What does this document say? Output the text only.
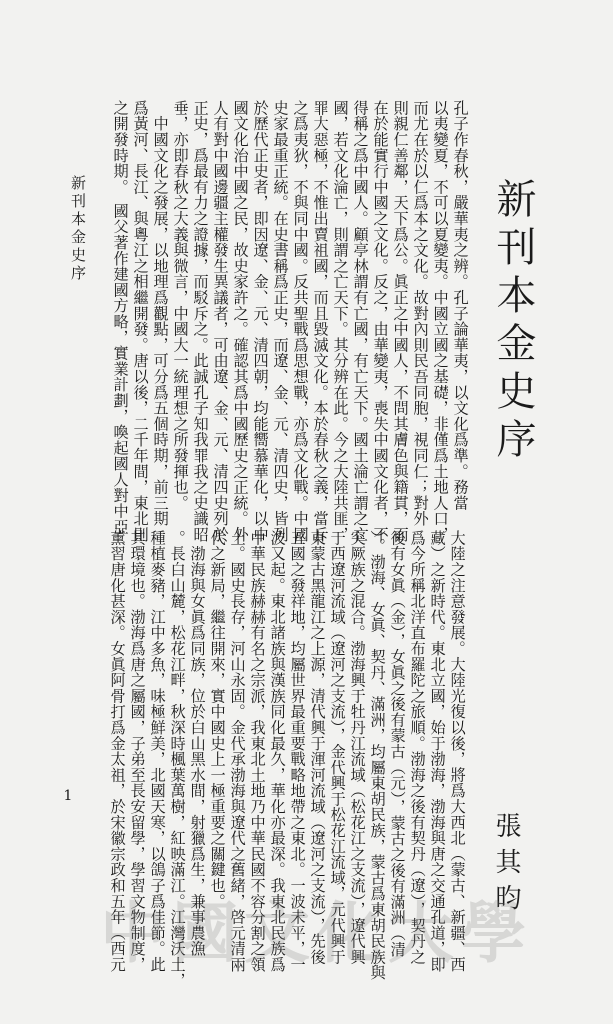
新刊本金史序
張其昀
新刊本金史序
1
孔子作春秋，嚴華夷之辨。孔子論華夷，以文化爲準。務當
以夷變夏，不可以夏變夷。中國立國之基礎，非僅爲土地人口，
而尤在於以仁爲本之文化。故對內則民吾同胞，視同仁；對外
則親仁善鄰，天下爲公。眞正之中國人，不問其膚色與籍貫，而
在於能實行中國之文化。反之，由華變夷，喪失中國文化者，不
得稱之爲中國人。顧亭林謂有亡國，有亡天下。國土淪亡謂之亡
國，若文化淪亡，則謂之亡天下。其分辨在此。今之大陸共匪，
罪大惡極，不惟出賣祖國，而且毀滅文化。本於春秋之義，當斥
之爲夷狄，不與同中國。反共聖戰爲思想戰，亦爲文化戰。中國
史家最重正統。在史書稱爲正史，而遼、金、元、清四史，皆列
於歷代正史者，即因遼、金、元、清四朝，均能嚮慕華化，以中
國文化治中國之民，故史家許之。確認其爲中國歷史之正統。外
人有對中國邊疆主權發生異議者，可由遼、金、元、清四史列於
正史，爲最有力之證據，而駁斥之。此誠孔子知我罪我之史識昭
垂，亦即春秋之大義與微言，中國大一統理想之所發揮也。
　中國文化之發展，以地理爲觀點，可分爲五個時期，前三期
爲黃河、長江、與粵江之相繼開發。唐以後，二千年間，東北則
之開發時期。　國父著作建國方略，實業計劃，喚起國人對中亞
大陸之注意發展。大陸光復以後，將爲大西北（蒙古、新疆、西
藏）之新時代。東北立國，始于渤海，渤海與唐之交通孔道，即
爲今所稱北洋直布羅陀之旅順。渤海之後有契丹（遼），契丹之
後有女眞（金），女眞之後有蒙古（元），蒙古之後有滿洲（清
）。渤海、女眞、契丹、滿洲，均屬東胡民族，蒙古爲東胡民族與
突厥族之混合。渤海興于牡丹江流域（松花江之支流），遼代興
于西遼河流域（遼河之支流），金代興于松花江流域，元代興于
東蒙古黑龍江之上源，清代興于渾河流域（遼河之支流），先後
五國之發祥地，均屬世界最重要戰略地帶之東北。一波未平，一
波又起。東北諸族與漢族同化最久，華化亦最深。我東北民族爲
中華民族赫赫有名之宗派，我東北土地乃中華民國不容分割之領
土。國史長存，河山永固。金代承渤海與遼代之舊緒，啓元清兩
代之新局，繼往開來，實中國史上一極重要之關鍵也。
　渤海與女眞爲同族，位於白山黑水間，射獵爲生，兼事農漁
。長白山麓，松花江畔，秋深時楓葉萬樹，紅映滿江。江灣沃土，
種植麥豬，江中多魚，味極鮮美，北國天寒，以鴿子爲佳節。此
其環境也。渤海爲唐之屬國，子弟至長安留學，學習文物制度，
薰習唐化甚深。女眞阿骨打爲金太祖，於宋徽宗政和五年（西元
中國文化大學
